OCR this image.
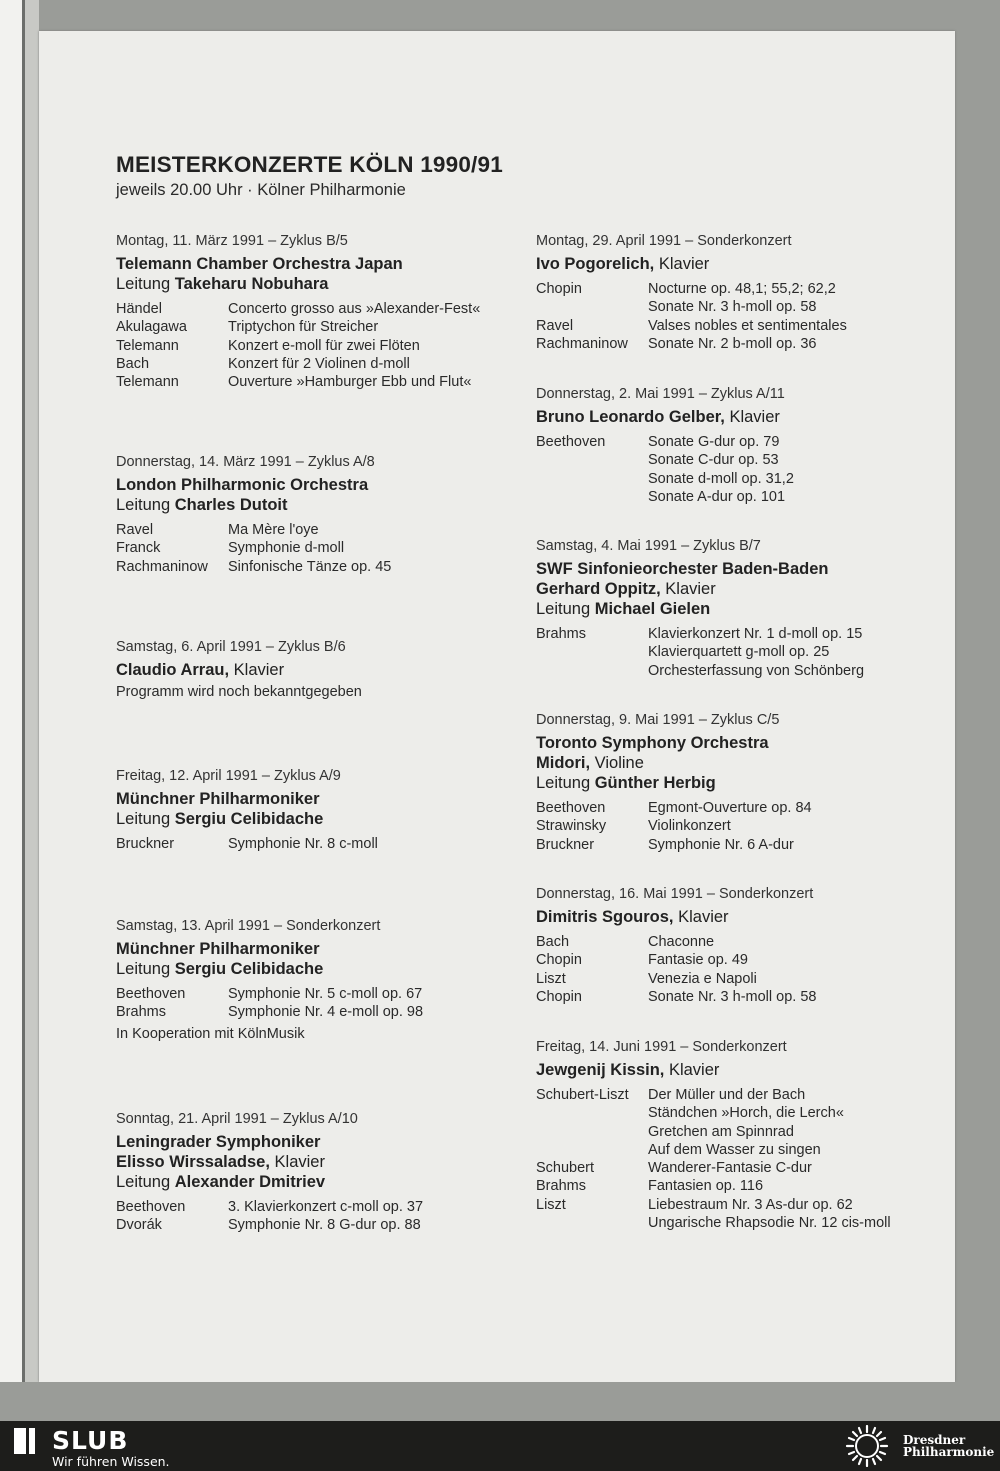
MEISTERKONZERTE KÖLN 1990/91
jeweils 20.00 Uhr · Kölner Philharmonie
Montag, 11. März 1991 – Zyklus B/5
Telemann Chamber Orchestra Japan
Leitung Takeharu Nobuhara
Händel	Concerto grosso aus »Alexander-Fest«
Akulagawa	Triptychon für Streicher
Telemann	Konzert e-moll für zwei Flöten
Bach	Konzert für 2 Violinen d-moll
Telemann	Ouverture »Hamburger Ebb und Flut«
Donnerstag, 14. März 1991 – Zyklus A/8
London Philharmonic Orchestra
Leitung Charles Dutoit
Ravel	Ma Mère l'oye
Franck	Symphonie d-moll
Rachmaninow	Sinfonische Tänze op. 45
Samstag, 6. April 1991 – Zyklus B/6
Claudio Arrau, Klavier
Programm wird noch bekanntgegeben
Freitag, 12. April 1991 – Zyklus A/9
Münchner Philharmoniker
Leitung Sergiu Celibidache
Bruckner	Symphonie Nr. 8 c-moll
Samstag, 13. April 1991 – Sonderkonzert
Münchner Philharmoniker
Leitung Sergiu Celibidache
Beethoven	Symphonie Nr. 5 c-moll op. 67
Brahms	Symphonie Nr. 4 e-moll op. 98
In Kooperation mit KölnMusik
Sonntag, 21. April 1991 – Zyklus A/10
Leningrader Symphoniker
Elisso Wirssaladse, Klavier
Leitung Alexander Dmitriev
Beethoven	3. Klavierkonzert c-moll op. 37
Dvorák	Symphonie Nr. 8 G-dur op. 88
Montag, 29. April 1991 – Sonderkonzert
Ivo Pogorelich, Klavier
Chopin	Nocturne op. 48,1; 55,2; 62,2
Sonate Nr. 3 h-moll op. 58
Ravel	Valses nobles et sentimentales
Rachmaninow	Sonate Nr. 2 b-moll op. 36
Donnerstag, 2. Mai 1991 – Zyklus A/11
Bruno Leonardo Gelber, Klavier
Beethoven	Sonate G-dur op. 79
Sonate C-dur op. 53
Sonate d-moll op. 31,2
Sonate A-dur op. 101
Samstag, 4. Mai 1991 – Zyklus B/7
SWF Sinfonieorchester Baden-Baden
Gerhard Oppitz, Klavier
Leitung Michael Gielen
Brahms	Klavierkonzert Nr. 1 d-moll op. 15
Klavierquartett g-moll op. 25
Orchesterfassung von Schönberg
Donnerstag, 9. Mai 1991 – Zyklus C/5
Toronto Symphony Orchestra
Midori, Violine
Leitung Günther Herbig
Beethoven	Egmont-Ouverture op. 84
Strawinsky	Violinkonzert
Bruckner	Symphonie Nr. 6 A-dur
Donnerstag, 16. Mai 1991 – Sonderkonzert
Dimitris Sgouros, Klavier
Bach	Chaconne
Chopin	Fantasie op. 49
Liszt	Venezia e Napoli
Chopin	Sonate Nr. 3 h-moll op. 58
Freitag, 14. Juni 1991 – Sonderkonzert
Jewgenij Kissin, Klavier
Schubert-Liszt	Der Müller und der Bach
Ständchen »Horch, die Lerch«
Gretchen am Spinnrad
Auf dem Wasser zu singen
Schubert	Wanderer-Fantasie C-dur
Brahms	Fantasien op. 116
Liszt	Liebestraum Nr. 3 As-dur op. 62
Ungarische Rhapsodie Nr. 12 cis-moll
SLUB
Wir führen Wissen.
Dresdner
Philharmonie
